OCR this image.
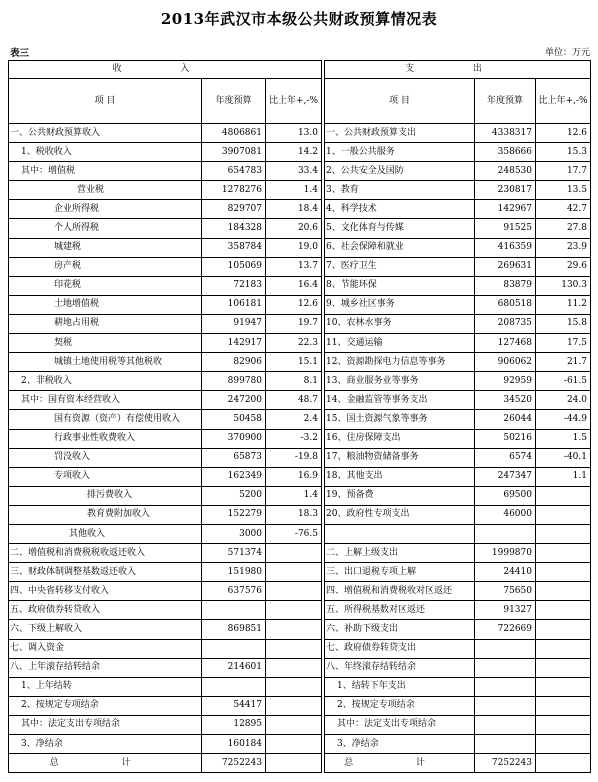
2013年武汉市本级公共财政预算情况表
表三	单位：万元
收 入		
项 目	年度预算	比上年+,-%
一、公共财政预算收入	4806861	13.0
1、税收收入	3907081	14.2
其中：增值税	654783	33.4
营业税	1278276	1.4
企业所得税	829707	18.4
个人所得税	184328	20.6
城建税	358784	19.0
房产税	105069	13.7
印花税	72183	16.4
土地增值税	106181	12.6
耕地占用税	91947	19.7
契税	142917	22.3
城镇土地使用税等其他税收	82906	15.1
2、非税收入	899780	8.1
其中：国有资本经营收入	247200	48.7
国有资源（资产）有偿使用收入	50458	2.4
行政事业性收费收入	370900	-3.2
罚没收入	65873	-19.8
专项收入	162349	16.9
排污费收入	5200	1.4
教育费附加收入	152279	18.3
其他收入	3000	-76.5
二、增值税和消费税税收返还收入	571374	
三、财政体制调整基数返还收入	151980	
四、中央省转移支付收入	637576	
五、政府债券转贷收入		
六、下级上解收入	869851	
七、调入资金		
八、上年滚存结转结余	214601	
1、上年结转		
2、按规定专项结余	54417	
其中：法定支出专项结余	12895	
3、净结余	160184	
总 计	7252243	
支 出		
项 目	年度预算	比上年+,-%
一、公共财政预算支出	4338317	12.6
1、一般公共服务	358666	15.3
2、公共安全及国防	248530	17.7
3、教育	230817	13.5
4、科学技术	142967	42.7
5、文化体育与传媒	91525	27.8
6、社会保障和就业	416359	23.9
7、医疗卫生	269631	29.6
8、节能环保	83879	130.3
9、城乡社区事务	680518	11.2
10、农林水事务	208735	15.8
11、交通运输	127468	17.5
12、资源勘探电力信息等事务	906062	21.7
13、商业服务业等事务	92959	-61.5
14、金融监管等事务支出	34520	24.0
15、国土资源气象等事务	26044	-44.9
16、住房保障支出	50216	1.5
17、粮油物资储备事务	6574	-40.1
18、其他支出	247347	1.1
19、预备费	69500	
20、政府性专项支出	46000	

二、上解上级支出	1999870	
三、出口退税专项上解	24410	
四、增值税和消费税收对区返还	75650	
五、所得税基数对区返还	91327	
六、补助下级支出	722669	
七、政府债券转贷支出		
八、年终滚存结转结余		
1、结转下年支出		
2、按规定专项结余		
其中：法定支出专项结余		
3、净结余		
总 计	7252243	
